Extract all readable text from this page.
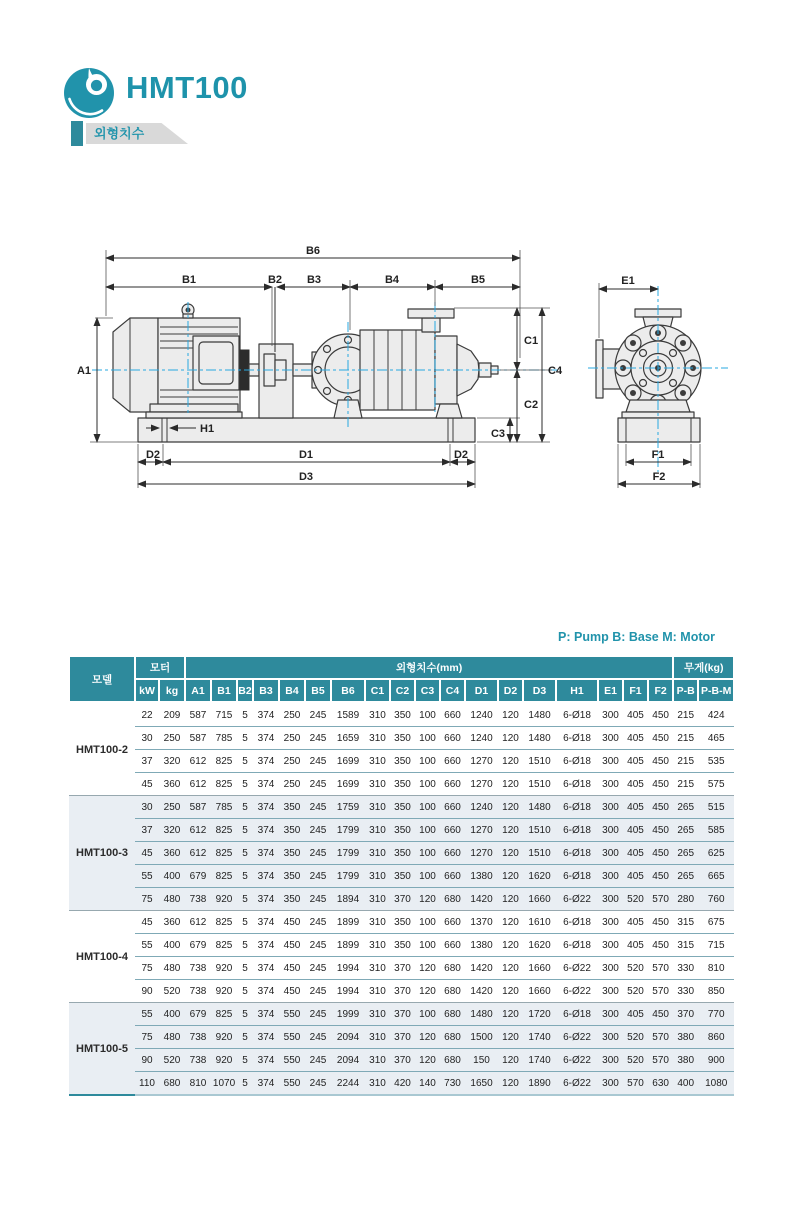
HMT100
외형치수
B6
B1	B2 B3	B4	B5
A1
C1
C4
C2
C3
H1
D2	D1	D2
D3
E1
F1
F2
P: Pump B: Base M: Motor
모델	모터		외형치수(mm)																		무게(kg)	
	kW	kg	A1	B1	B2	B3	B4	B5	B6	C1	C2	C3	C4	D1	D2	D3	H1	E1	F1	F2	P-B	P-B-M
HMT100-2	22	209	587	715	5	374	250	245	1589	310	350	100	660	1240	120	1480	6-Ø18	300	405	450	215	424
	30	250	587	785	5	374	250	245	1659	310	350	100	660	1240	120	1480	6-Ø18	300	405	450	215	465
	37	320	612	825	5	374	250	245	1699	310	350	100	660	1270	120	1510	6-Ø18	300	405	450	215	535
	45	360	612	825	5	374	250	245	1699	310	350	100	660	1270	120	1510	6-Ø18	300	405	450	215	575
HMT100-3	30	250	587	785	5	374	350	245	1759	310	350	100	660	1240	120	1480	6-Ø18	300	405	450	265	515
	37	320	612	825	5	374	350	245	1799	310	350	100	660	1270	120	1510	6-Ø18	300	405	450	265	585
	45	360	612	825	5	374	350	245	1799	310	350	100	660	1270	120	1510	6-Ø18	300	405	450	265	625
	55	400	679	825	5	374	350	245	1799	310	350	100	660	1380	120	1620	6-Ø18	300	405	450	265	665
	75	480	738	920	5	374	350	245	1894	310	370	120	680	1420	120	1660	6-Ø22	300	520	570	280	760
HMT100-4	45	360	612	825	5	374	450	245	1899	310	350	100	660	1370	120	1610	6-Ø18	300	405	450	315	675
	55	400	679	825	5	374	450	245	1899	310	350	100	660	1380	120	1620	6-Ø18	300	405	450	315	715
	75	480	738	920	5	374	450	245	1994	310	370	120	680	1420	120	1660	6-Ø22	300	520	570	330	810
	90	520	738	920	5	374	450	245	1994	310	370	120	680	1420	120	1660	6-Ø22	300	520	570	330	850
HMT100-5	55	400	679	825	5	374	550	245	1999	310	370	100	680	1480	120	1720	6-Ø18	300	405	450	370	770
	75	480	738	920	5	374	550	245	2094	310	370	120	680	1500	120	1740	6-Ø22	300	520	570	380	860
	90	520	738	920	5	374	550	245	2094	310	370	120	680	150	120	1740	6-Ø22	300	520	570	380	900
	110	680	810	1070	5	374	550	245	2244	310	420	140	730	1650	120	1890	6-Ø22	300	570	630	400	1080
